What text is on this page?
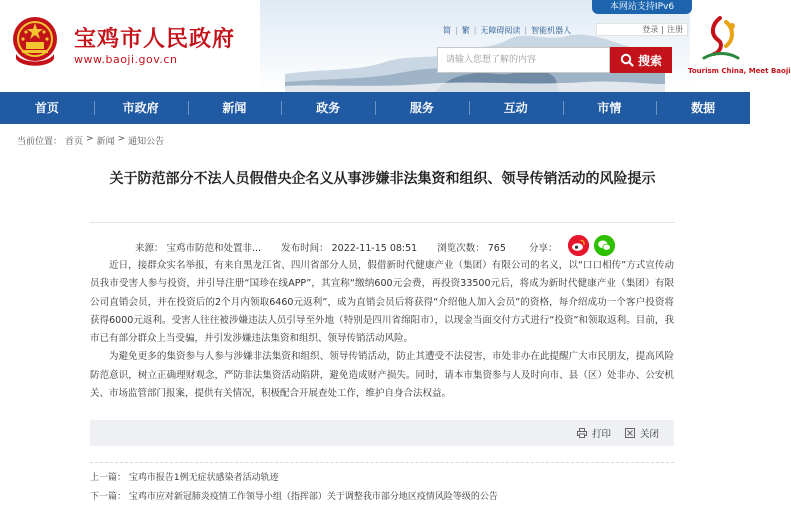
宝鸡市人民政府
www.baoji.gov.cn
本网站支持IPv6
简 | 繁 | 无障碍阅读 | 智能机器人	登录 | 注册
请输入您想了解的内容	搜索
Tourism China, Meet Baoji
首页	市政府	新闻	政务	服务	互动	市情	数据
当前位置： 首页 > 新闻 > 通知公告
关于防范部分不法人员假借央企名义从事涉嫌非法集资和组织、领导传销活动的风险提示
来源： 宝鸡市防范和处置非... 发布时间： 2022-11-15 08:51 浏览次数： 765 分享：

近日，接群众实名举报，有来自黑龙江省、四川省部分人员，假借新时代健康产业（集团）有限公司的名义，以“口口相传”方式宣传动员我市受害人参与投资，并引导注册“国珍在线APP”，其宣称“缴纳600元会费，再投资33500元后，将成为新时代健康产业（集团）有限公司直销会员，并在投资后的2个月内领取6460元返利”，成为直销会员后将获得“介绍他人加入会员”的资格，每介绍成功一个客户投资将获得6000元返利。受害人往往被涉嫌违法人员引导至外地（特别是四川省绵阳市），以现金当面交付方式进行“投资”和领取返利。目前，我市已有部分群众上当受骗，并引发涉嫌违法集资和组织、领导传销活动风险。

为避免更多的集资参与人参与涉嫌非法集资和组织、领导传销活动，防止其遭受不法侵害，市处非办在此提醒广大市民朋友，提高风险防范意识，树立正确理财观念，严防非法集资活动陷阱，避免造成财产损失。同时，请本市集资参与人及时向市、县（区）处非办、公安机关、市场监管部门报案，提供有关情况，积极配合开展查处工作，维护自身合法权益。

打印	关闭
上一篇： 宝鸡市报告1例无症状感染者活动轨迹
下一篇： 宝鸡市应对新冠肺炎疫情工作领导小组（指挥部）关于调整我市部分地区疫情风险等级的公告
